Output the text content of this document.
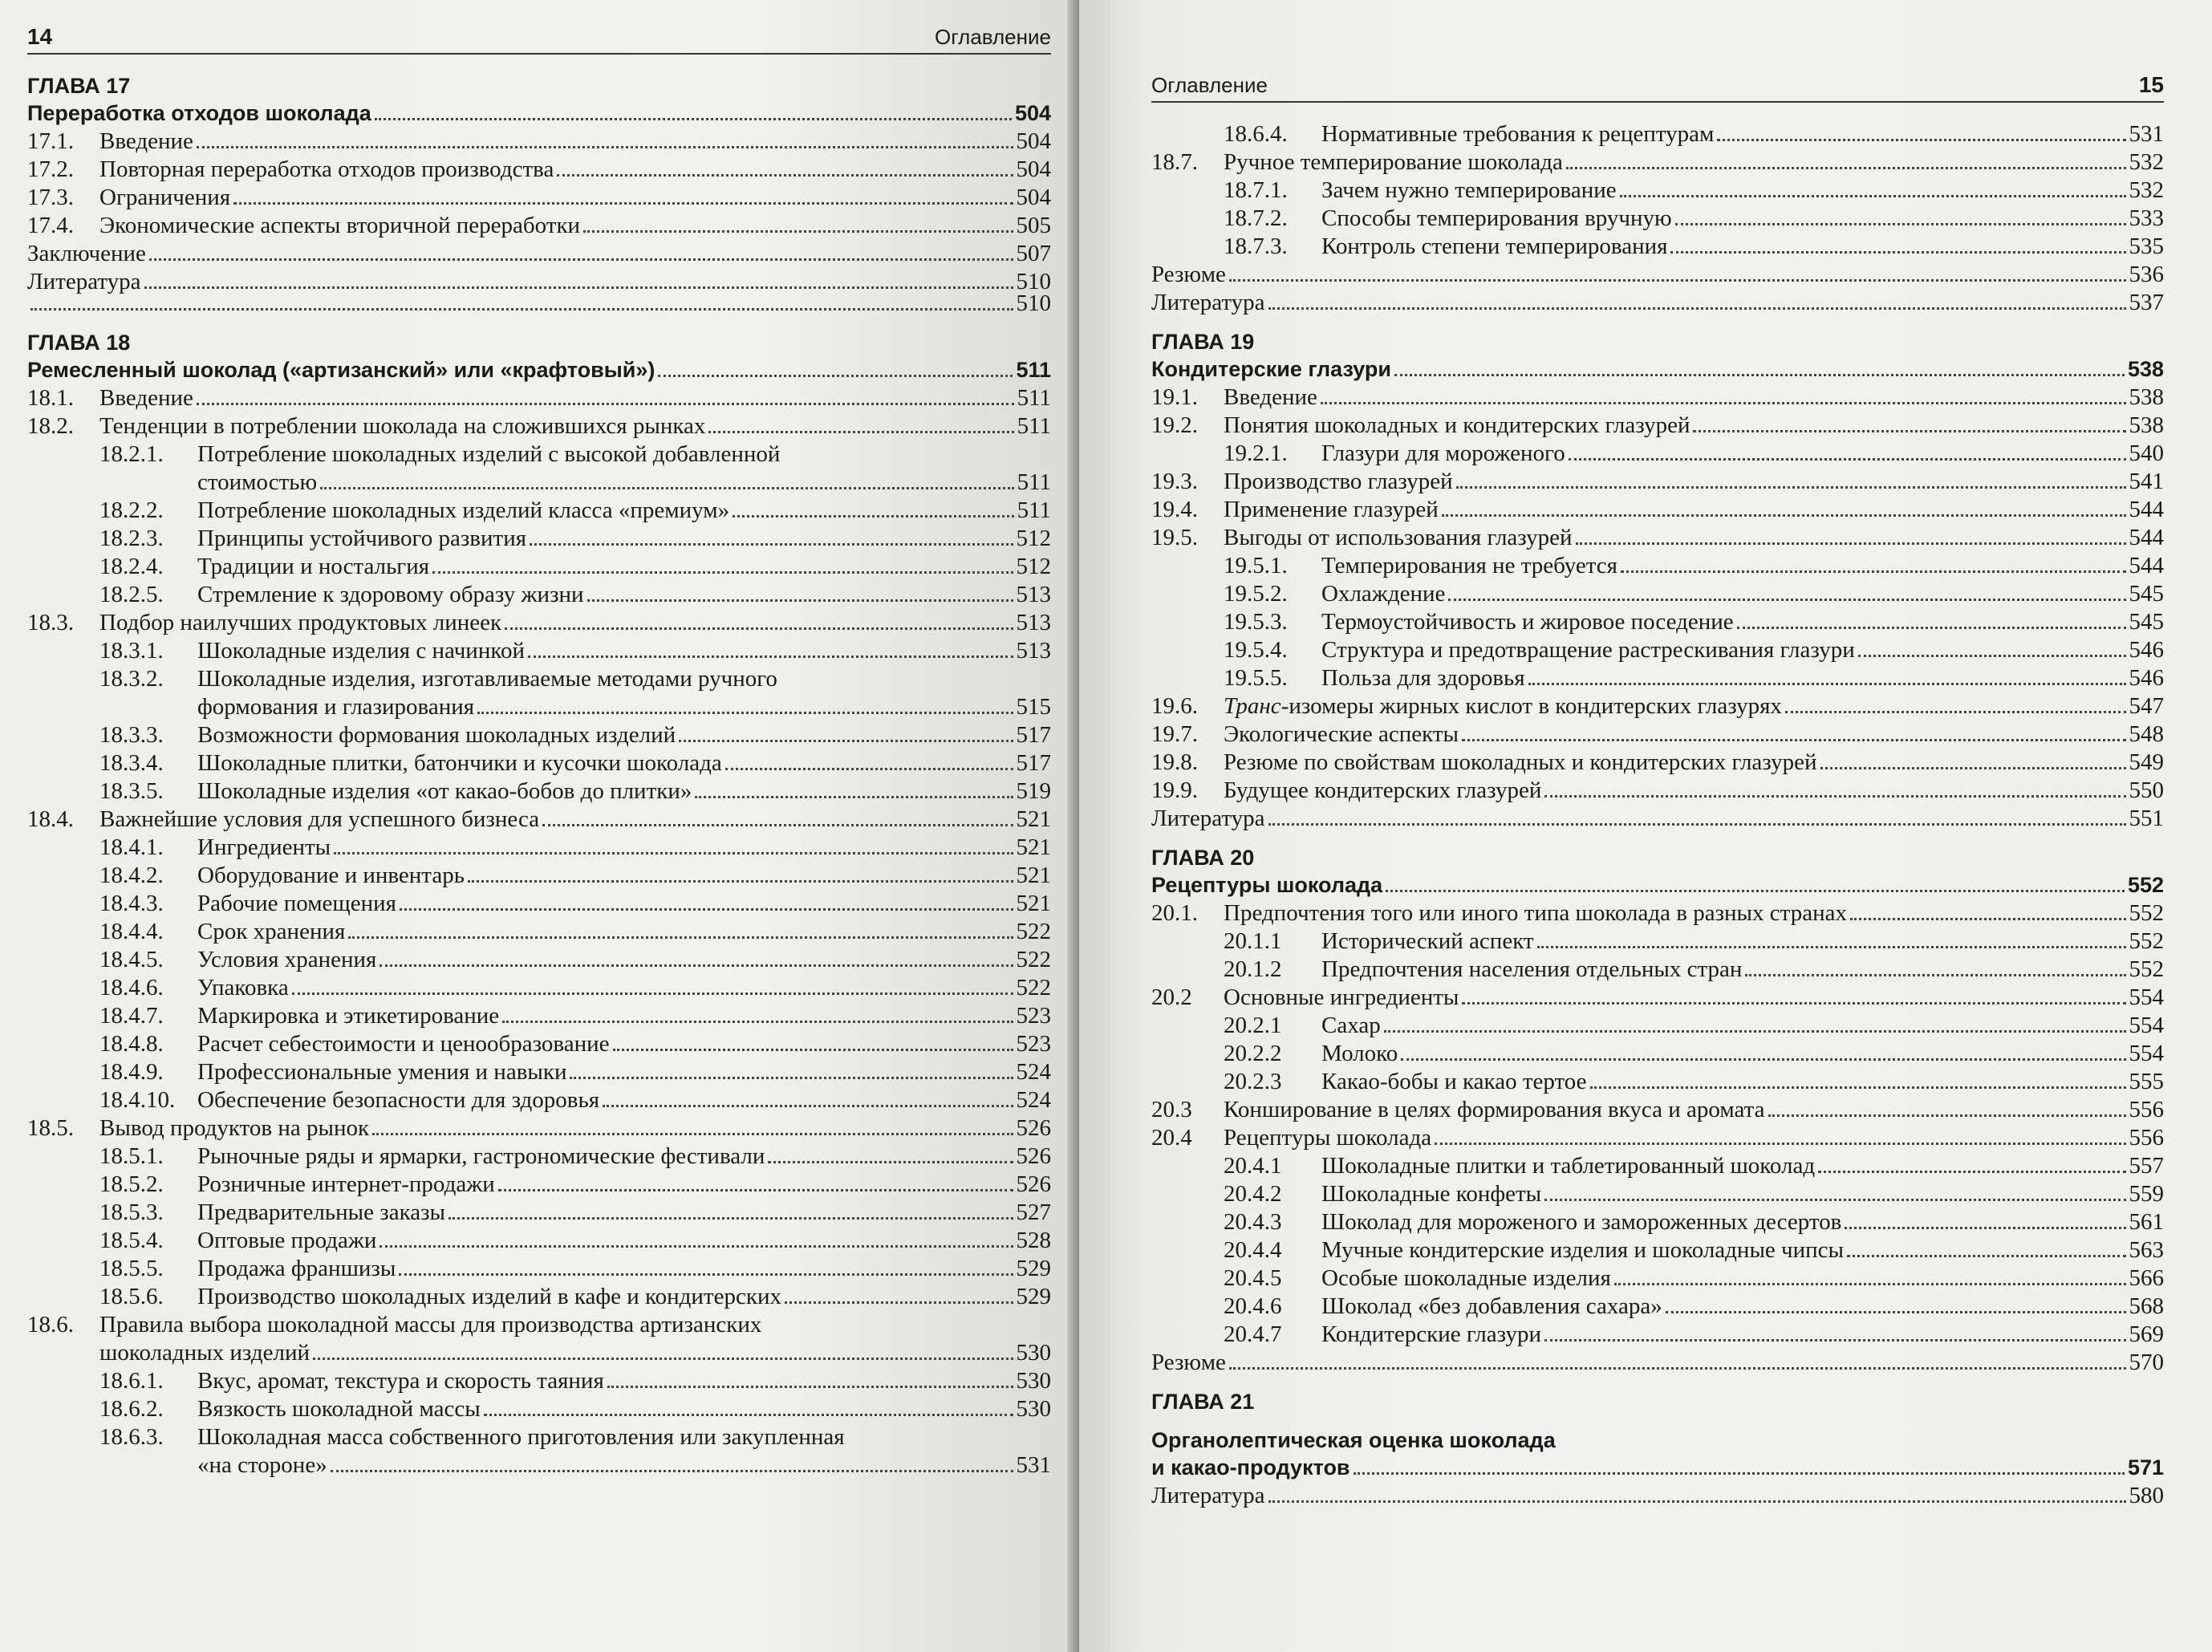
14	Оглавление
ГЛАВА 17
Переработка отходов шоколада	504
17.1.	Введение	504
17.2.	Повторная переработка отходов производства	504
17.3.	Ограничения	504
17.4.	Экономические аспекты вторичной переработки	505
Заключение	507
Литература	510
510
ГЛАВА 18
Ремесленный шоколад («артизанский» или «крафтовый»)	511
18.1.	Введение	511
18.2.	Тенденции в потреблении шоколада на сложившихся рынках	511
18.2.1.	Потребление шоколадных изделий с высокой добавленной
стоимостью	511
18.2.2.	Потребление шоколадных изделий класса «премиум»	511
18.2.3.	Принципы устойчивого развития	512
18.2.4.	Традиции и ностальгия	512
18.2.5.	Стремление к здоровому образу жизни	513
18.3.	Подбор наилучших продуктовых линеек	513
18.3.1.	Шоколадные изделия с начинкой	513
18.3.2.	Шоколадные изделия, изготавливаемые методами ручного
формования и глазирования	515
18.3.3.	Возможности формования шоколадных изделий	517
18.3.4.	Шоколадные плитки, батончики и кусочки шоколада	517
18.3.5.	Шоколадные изделия «от какао-бобов до плитки»	519
18.4.	Важнейшие условия для успешного бизнеса	521
18.4.1.	Ингредиенты	521
18.4.2.	Оборудование и инвентарь	521
18.4.3.	Рабочие помещения	521
18.4.4.	Срок хранения	522
18.4.5.	Условия хранения	522
18.4.6.	Упаковка	522
18.4.7.	Маркировка и этикетирование	523
18.4.8.	Расчет себестоимости и ценообразование	523
18.4.9.	Профессиональные умения и навыки	524
18.4.10. Обеспечение безопасности для здоровья	524
18.5.	Вывод продуктов на рынок	526
18.5.1.	Рыночные ряды и ярмарки, гастрономические фестивали	526
18.5.2.	Розничные интернет-продажи	526
18.5.3.	Предварительные заказы	527
18.5.4.	Оптовые продажи	528
18.5.5.	Продажа франшизы	529
18.5.6.	Производство шоколадных изделий в кафе и кондитерских	529
18.6.	Правила выбора шоколадной массы для производства артизанских
шоколадных изделий	530
18.6.1.	Вкус, аромат, текстура и скорость таяния	530
18.6.2.	Вязкость шоколадной массы	530
18.6.3.	Шоколадная масса собственного приготовления или закупленная
«на стороне»	531
Оглавление	15
18.6.4.	Нормативные требования к рецептурам	531
18.7.	Ручное темперирование шоколада	532
18.7.1.	Зачем нужно темперирование	532
18.7.2.	Способы темперирования вручную	533
18.7.3.	Контроль степени темперирования	535
Резюме	536
Литература	537
ГЛАВА 19
Кондитерские глазури	538
19.1.	Введение	538
19.2.	Понятия шоколадных и кондитерских глазурей	538
19.2.1.	Глазури для мороженого	540
19.3.	Производство глазурей	541
19.4.	Применение глазурей	544
19.5.	Выгоды от использования глазурей	544
19.5.1.	Темперирования не требуется	544
19.5.2.	Охлаждение	545
19.5.3.	Термоустойчивость и жировое поседение	545
19.5.4.	Структура и предотвращение растрескивания глазури	546
19.5.5.	Польза для здоровья	546
19.6.	Транс-изомеры жирных кислот в кондитерских глазурях	547
19.7.	Экологические аспекты	548
19.8.	Резюме по свойствам шоколадных и кондитерских глазурей	549
19.9.	Будущее кондитерских глазурей	550
Литература	551
ГЛАВА 20
Рецептуры шоколада	552
20.1.	Предпочтения того или иного типа шоколада в разных странах	552
20.1.1	Исторический аспект	552
20.1.2	Предпочтения населения отдельных стран	552
20.2	Основные ингредиенты	554
20.2.1	Сахар	554
20.2.2	Молоко	554
20.2.3	Какао-бобы и какао тертое	555
20.3	Конширование в целях формирования вкуса и аромата	556
20.4	Рецептуры шоколада	556
20.4.1	Шоколадные плитки и таблетированный шоколад	557
20.4.2	Шоколадные конфеты	559
20.4.3	Шоколад для мороженого и замороженных десертов	561
20.4.4	Мучные кондитерские изделия и шоколадные чипсы	563
20.4.5	Особые шоколадные изделия	566
20.4.6	Шоколад «без добавления сахара»	568
20.4.7	Кондитерские глазури	569
Резюме	570
ГЛАВА 21
Органолептическая оценка шоколада
и какао-продуктов	571
Литература	580
